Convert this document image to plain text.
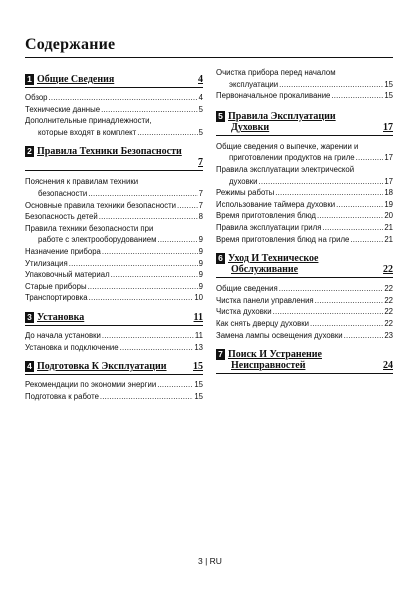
Содержание
1 Общие Сведения	4
Обзор .....	4
Технические данные .....	5
Дополнительные принадлежности,
которые входят в комплект .....	5
2 Правила Техники Безопасности
7
Пояснения к правилам техники
безопасности .....	7
Основные правила техники безопасности .....	7
Безопасность детей .....	8
Правила техники безопасности при
работе с электрооборудованием .....	9
Назначение прибора .....	9
Утилизация .....	9
Упаковочный материал .....	9
Старые приборы .....	9
Транспортировка .....	10
3 Установка	11
До начала установки .....	11
Установка и подключение .....	13
4 Подготовка К Эксплуатации	15
Рекомендации по экономии энергии .....	15
Подготовка к работе .....	15
Очистка прибора перед началом
эксплуатации .....	15
Первоначальное прокаливание .....	15
5 Правила Эксплуатации
Духовки	17
Общие сведения о выпечке, жарении и
приготовлении продуктов на гриле .....	17
Правила эксплуатации электрической
духовки .....	17
Режимы работы .....	18
Использование таймера духовки .....	19
Время приготовления блюд .....	20
Правила эксплуатации гриля .....	21
Время приготовления блюд на гриле .....	21
6 Уход И Техническое
Обслуживание	22
Общие сведения .....	22
Чистка панели управления .....	22
Чистка духовки .....	22
Как снять дверцу духовки .....	22
Замена лампы освещения духовки .....	23
7 Поиск И Устранение
Неисправностей	24
3 | RU
